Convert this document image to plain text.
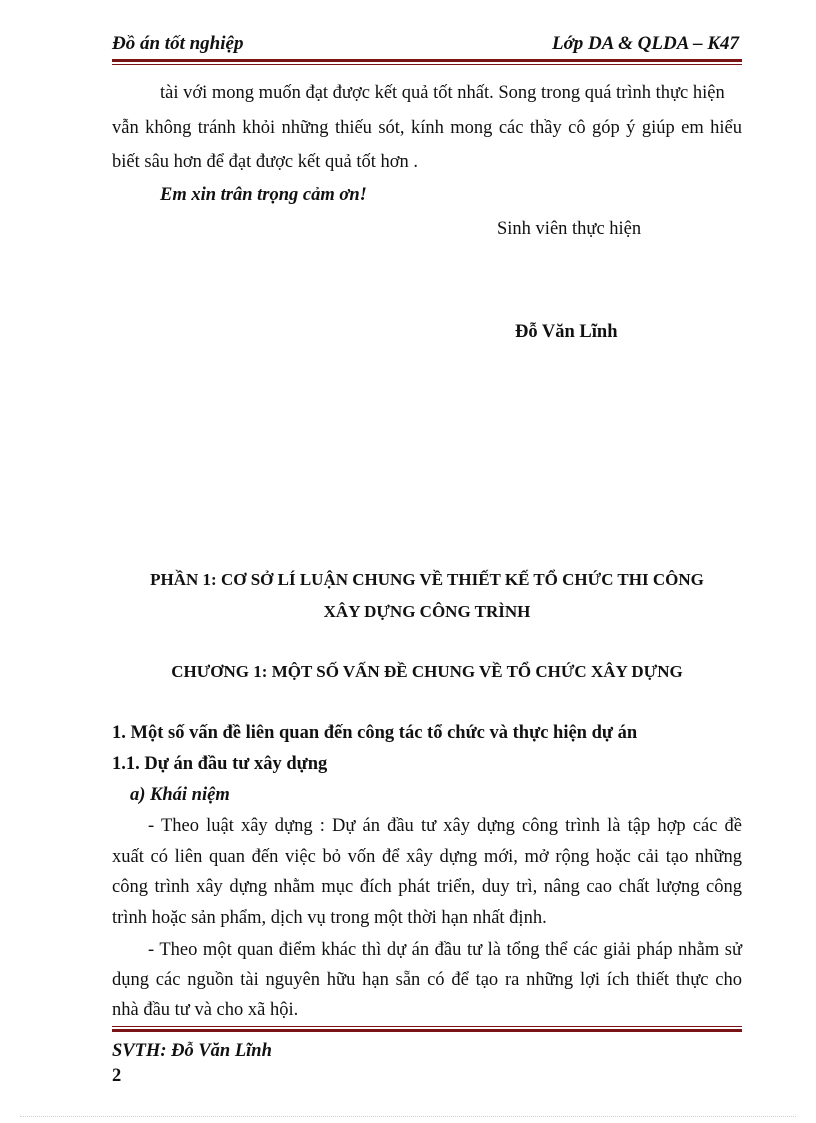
Đồ án tốt nghiệp	Lớp DA & QLDA – K47
tài với mong muốn đạt được kết quả tốt nhất. Song trong quá trình thực hiện
vẫn không tránh khỏi những thiếu sót, kính mong các thầy cô góp ý giúp em hiểu
biết sâu hơn để đạt được kết quả tốt hơn .
Em xin trân trọng cảm ơn!
Sinh viên thực hiện
Đỗ Văn Lĩnh
PHẦN 1: CƠ SỞ LÍ LUẬN CHUNG VỀ THIẾT KẾ TỔ CHỨC THI CÔNG
XÂY DỰNG CÔNG TRÌNH
CHƯƠNG 1: MỘT SỐ VẤN ĐỀ CHUNG VỀ TỔ CHỨC XÂY DỰNG
1. Một số vấn đề liên quan đến công tác tổ chức và thực hiện dự án
1.1. Dự án đầu tư xây dựng
a) Khái niệm
- Theo luật xây dựng : Dự án đầu tư xây dựng công trình là tập hợp các đề
xuất có liên quan đến việc bỏ vốn để xây dựng mới, mở rộng hoặc cải tạo những
công trình xây dựng nhằm mục đích phát triển, duy trì, nâng cao chất lượng công
trình hoặc sản phẩm, dịch vụ trong một thời hạn nhất định.
- Theo một quan điểm khác thì dự án đầu tư là tổng thể các giải pháp nhằm sử
dụng các nguồn tài nguyên hữu hạn sẵn có để tạo ra những lợi ích thiết thực cho
nhà đầu tư và cho xã hội.
SVTH: Đỗ Văn Lĩnh
2
